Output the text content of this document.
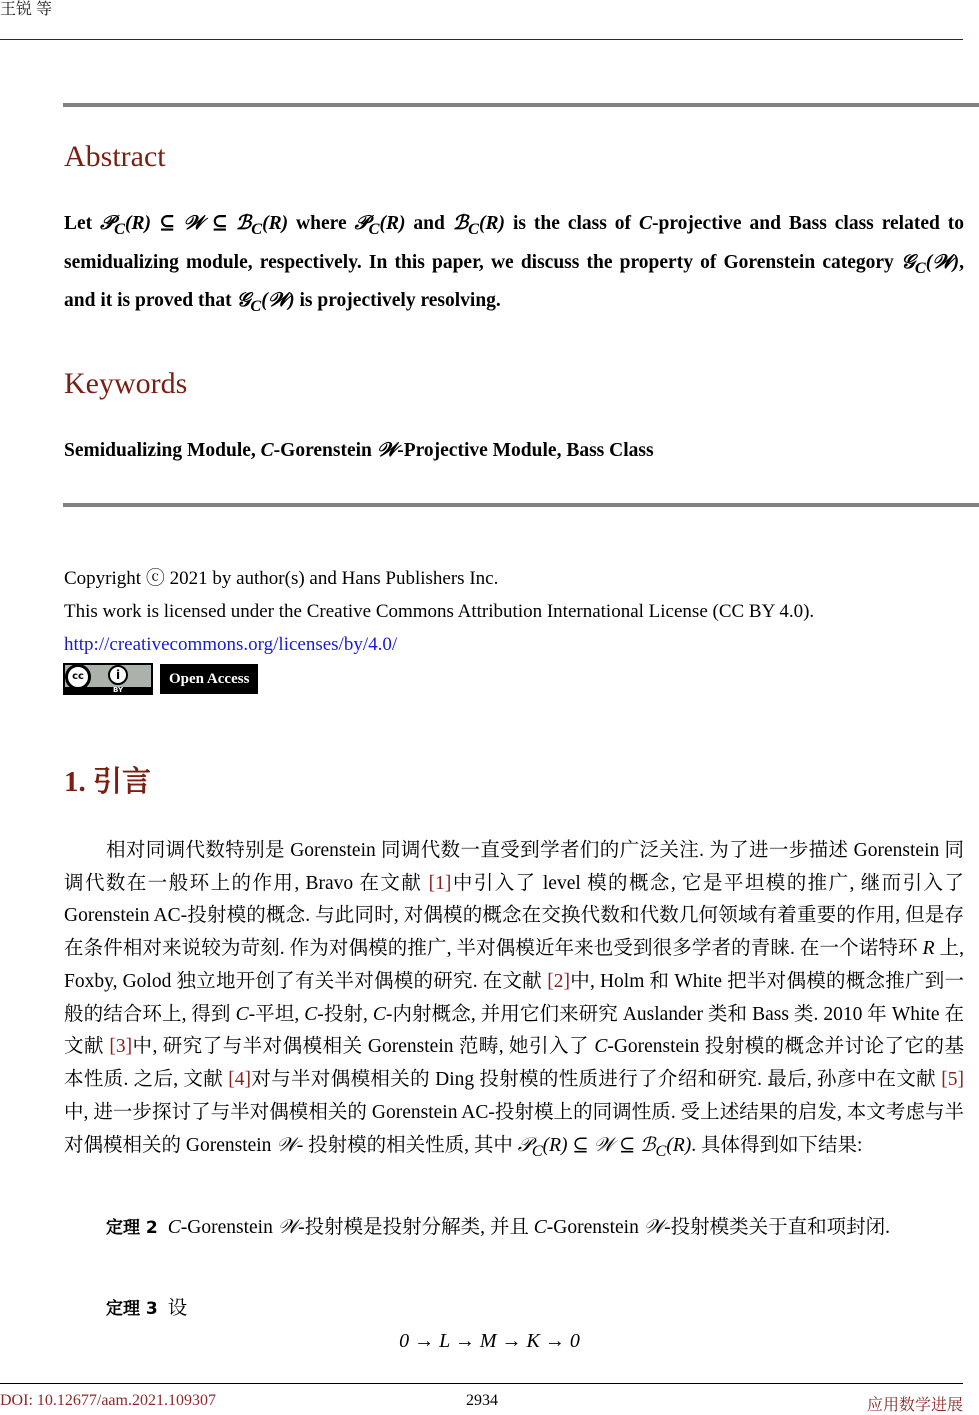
王锐 等
Abstract

Let 𝒫$_C$(R) ⊆ 𝒲 ⊆ ℬ$_C$(R) where 𝒫$_C$(R) and ℬ$_C$(R) is the class of C-projective and Bass class related to semidualizing module, respectively. In this paper, we discuss the property of Gorenstein category 𝒢$_C$(𝒲), and it is proved that 𝒢$_C$(𝒲) is projectively resolving.

Keywords

Semidualizing Module, C-Gorenstein 𝒲-Projective Module, Bass Class

Copyright ⓒ 2021 by author(s) and Hans Publishers Inc.
This work is licensed under the Creative Commons Attribution International License (CC BY 4.0).
http://creativecommons.org/licenses/by/4.0/
cc	i
BY
Open Access
1. 引言

相对同调代数特别是 Gorenstein 同调代数一直受到学者们的广泛关注. 为了进一步描述 Gorenstein 同调代数在一般环上的作用, Bravo 在文献 [1]中引入了 level 模的概念, 它是平坦模的推广, 继而引入了 Gorenstein AC-投射模的概念. 与此同时, 对偶模的概念在交换代数和代数几何领域有着重要的作用, 但是存在条件相对来说较为苛刻. 作为对偶模的推广, 半对偶模近年来也受到很多学者的青睐. 在一个诺特环 R 上, Foxby, Golod 独立地开创了有关半对偶模的研究. 在文献 [2]中, Holm 和 White 把半对偶模的概念推广到一般的结合环上, 得到 C-平坦, C-投射, C-内射概念, 并用它们来研究 Auslander 类和 Bass 类. 2010 年 White 在文献 [3]中, 研究了与半对偶模相关 Gorenstein 范畴, 她引入了 C-Gorenstein 投射模的概念并讨论了它的基本性质. 之后, 文献 [4]对与半对偶模相关的 Ding 投射模的性质进行了介绍和研究. 最后, 孙彦中在文献 [5]中, 进一步探讨了与半对偶模相关的 Gorenstein AC-投射模上的同调性质. 受上述结果的启发, 本文考虑与半对偶模相关的 Gorenstein 𝒲- 投射模的相关性质, 其中 𝒫$_C$(R) ⊆ 𝒲 ⊆ ℬ$_C$(R). 具体得到如下结果:

定理 2 C-Gorenstein 𝒲-投射模是投射分解类, 并且 C-Gorenstein 𝒲-投射模类关于直和项封闭.

定理 3 设

0 → L → M → K → 0
DOI: 10.12677/aam.2021.109307	2934	应用数学进展
